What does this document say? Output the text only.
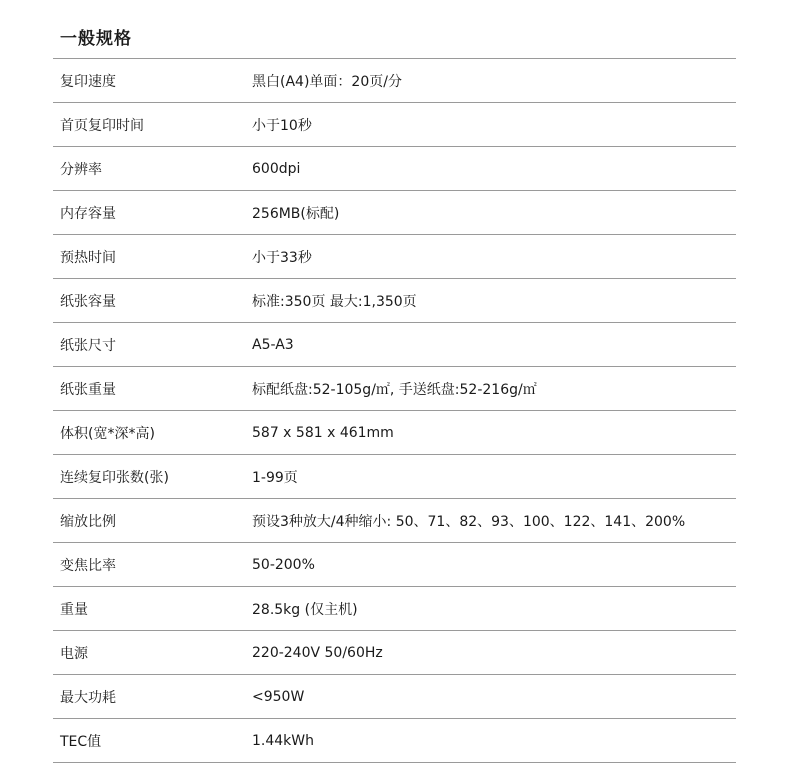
一般规格
复印速度	黑白(A4)单面：20页/分
首页复印时间	小于10秒
分辨率	600dpi
内存容量	256MB(标配)
预热时间	小于33秒
纸张容量	标准:350页 最大:1,350页
纸张尺寸	A5-A3
纸张重量	标配纸盘:52-105g/㎡, 手送纸盘:52-216g/㎡
体积(宽*深*高)	587 x 581 x 461mm
连续复印张数(张)	1-99页
缩放比例	预设3种放大/4种缩小: 50、71、82、93、100、122、141、200%
变焦比率	50-200%
重量	28.5kg (仅主机)
电源	220-240V 50/60Hz
最大功耗	<950W
TEC值	1.44kWh
